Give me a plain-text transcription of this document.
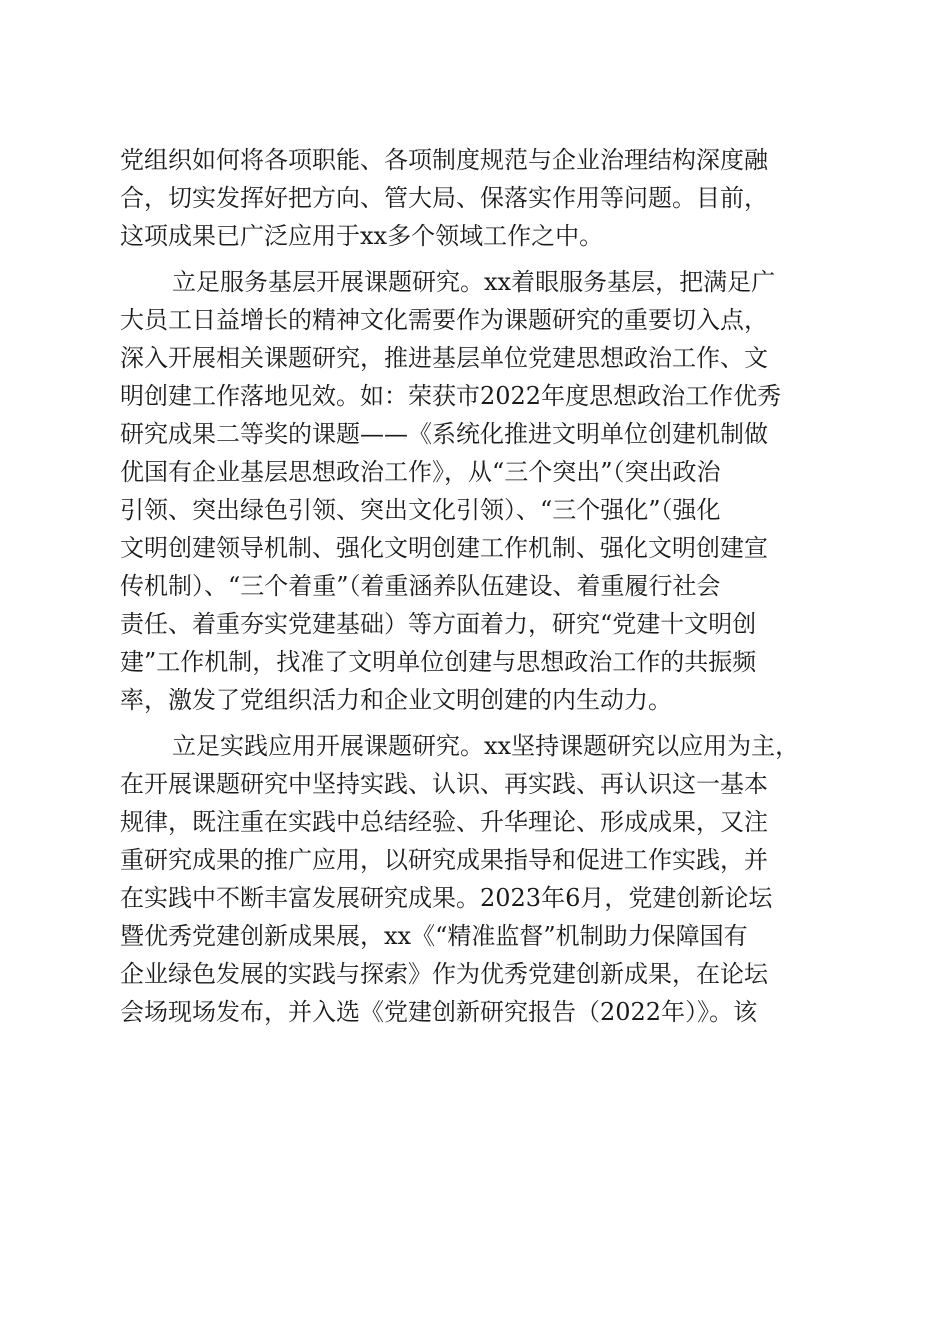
党组织如何将各项职能、各项制度规范与企业治理结构深度融
合，切实发挥好把方向、管大局、保落实作用等问题。目前，
这项成果已广泛应用于xx多个领域工作之中。
立足服务基层开展课题研究。xx着眼服务基层，把满足广
大员工日益增长的精神文化需要作为课题研究的重要切入点，
深入开展相关课题研究，推进基层单位党建思想政治工作、文
明创建工作落地见效。如：荣获市2022年度思想政治工作优秀
研究成果二等奖的课题——《系统化推进文明单位创建机制做
优国有企业基层思想政治工作》，从“三个突出”（突出政治
引领、突出绿色引领、突出文化引领）、“三个强化”（强化
文明创建领导机制、强化文明创建工作机制、强化文明创建宣
传机制）、“三个着重”（着重涵养队伍建设、着重履行社会
责任、着重夯实党建基础）等方面着力，研究“党建十文明创
建”工作机制，找准了文明单位创建与思想政治工作的共振频
率，激发了党组织活力和企业文明创建的内生动力。
立足实践应用开展课题研究。xx坚持课题研究以应用为主，
在开展课题研究中坚持实践、认识、再实践、再认识这一基本
规律，既注重在实践中总结经验、升华理论、形成成果，又注
重研究成果的推广应用，以研究成果指导和促进工作实践，并
在实践中不断丰富发展研究成果。2023年6月，党建创新论坛
暨优秀党建创新成果展，xx《“精准监督”机制助力保障国有
企业绿色发展的实践与探索》作为优秀党建创新成果，在论坛
会场现场发布，并入选《党建创新研究报告（2022年）》。该
